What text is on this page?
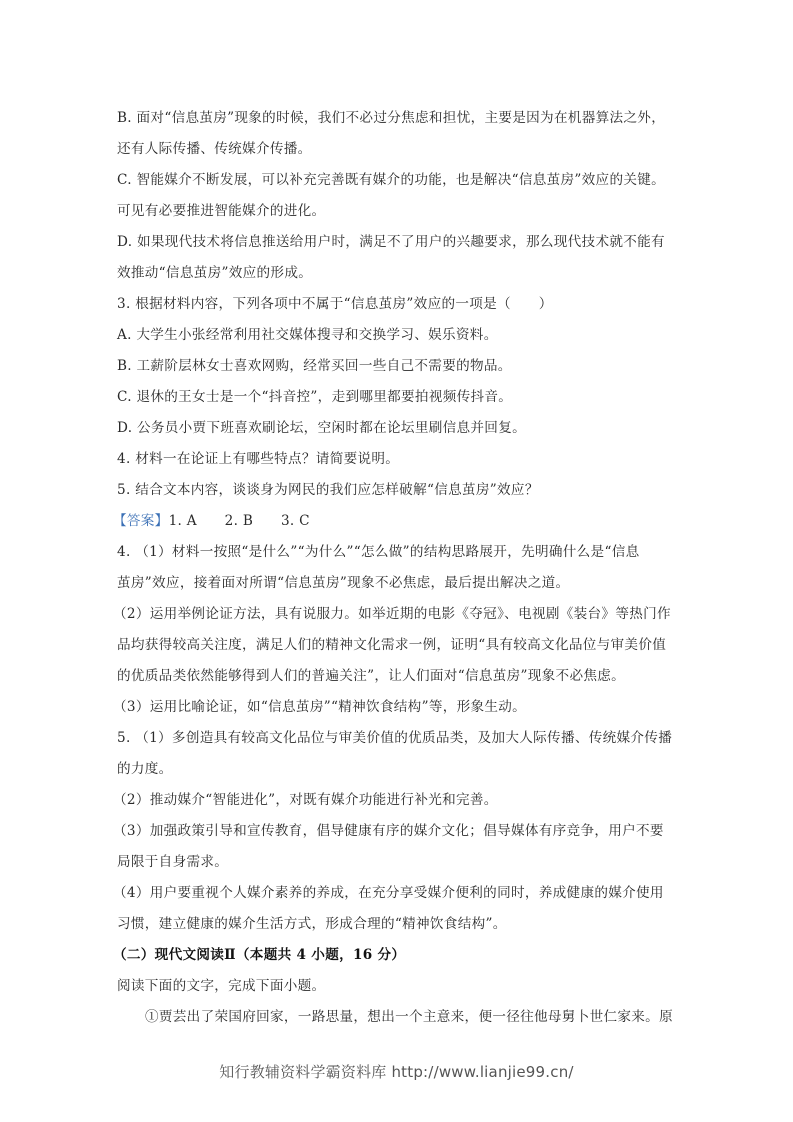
B. 面对“信息茧房”现象的时候，我们不必过分焦虑和担忧，主要是因为在机器算法之外，
还有人际传播、传统媒介传播。
C. 智能媒介不断发展，可以补充完善既有媒介的功能，也是解决“信息茧房”效应的关键。
可见有必要推进智能媒介的进化。
D. 如果现代技术将信息推送给用户时，满足不了用户的兴趣要求，那么现代技术就不能有
效推动“信息茧房”效应的形成。
3. 根据材料内容，下列各项中不属于“信息茧房”效应的一项是（　　）
A. 大学生小张经常利用社交媒体搜寻和交换学习、娱乐资料。
B. 工薪阶层林女士喜欢网购，经常买回一些自己不需要的物品。
C. 退休的王女士是一个“抖音控”，走到哪里都要拍视频传抖音。
D. 公务员小贾下班喜欢刷论坛，空闲时都在论坛里刷信息并回复。
4. 材料一在论证上有哪些特点？请简要说明。
5. 结合文本内容，谈谈身为网民的我们应怎样破解“信息茧房”效应？
【答案】1. A　　2. B　　3. C
4. （1）材料一按照“是什么”“为什么”“怎么做”的结构思路展开，先明确什么是“信息
茧房”效应，接着面对所谓“信息茧房”现象不必焦虑，最后提出解决之道。
（2）运用举例论证方法，具有说服力。如举近期的电影《夺冠》、电视剧《装台》等热门作
品均获得较高关注度，满足人们的精神文化需求一例，证明“具有较高文化品位与审美价值
的优质品类依然能够得到人们的普遍关注”，让人们面对“信息茧房”现象不必焦虑。
（3）运用比喻论证，如“信息茧房”“精神饮食结构”等，形象生动。
5. （1）多创造具有较高文化品位与审美价值的优质品类，及加大人际传播、传统媒介传播
的力度。
（2）推动媒介“智能进化”，对既有媒介功能进行补光和完善。
（3）加强政策引导和宣传教育，倡导健康有序的媒介文化；倡导媒体有序竞争，用户不要
局限于自身需求。
（4）用户要重视个人媒介素养的养成，在充分享受媒介便利的同时，养成健康的媒介使用
习惯，建立健康的媒介生活方式，形成合理的“精神饮食结构”。
（二）现代文阅读Ⅱ（本题共 4 小题，16 分）
阅读下面的文字，完成下面小题。
①贾芸出了荣国府回家，一路思量，想出一个主意来，便一径往他母舅卜世仁家来。原
知行教辅资料学霸资料库 http://www.lianjie99.cn/
